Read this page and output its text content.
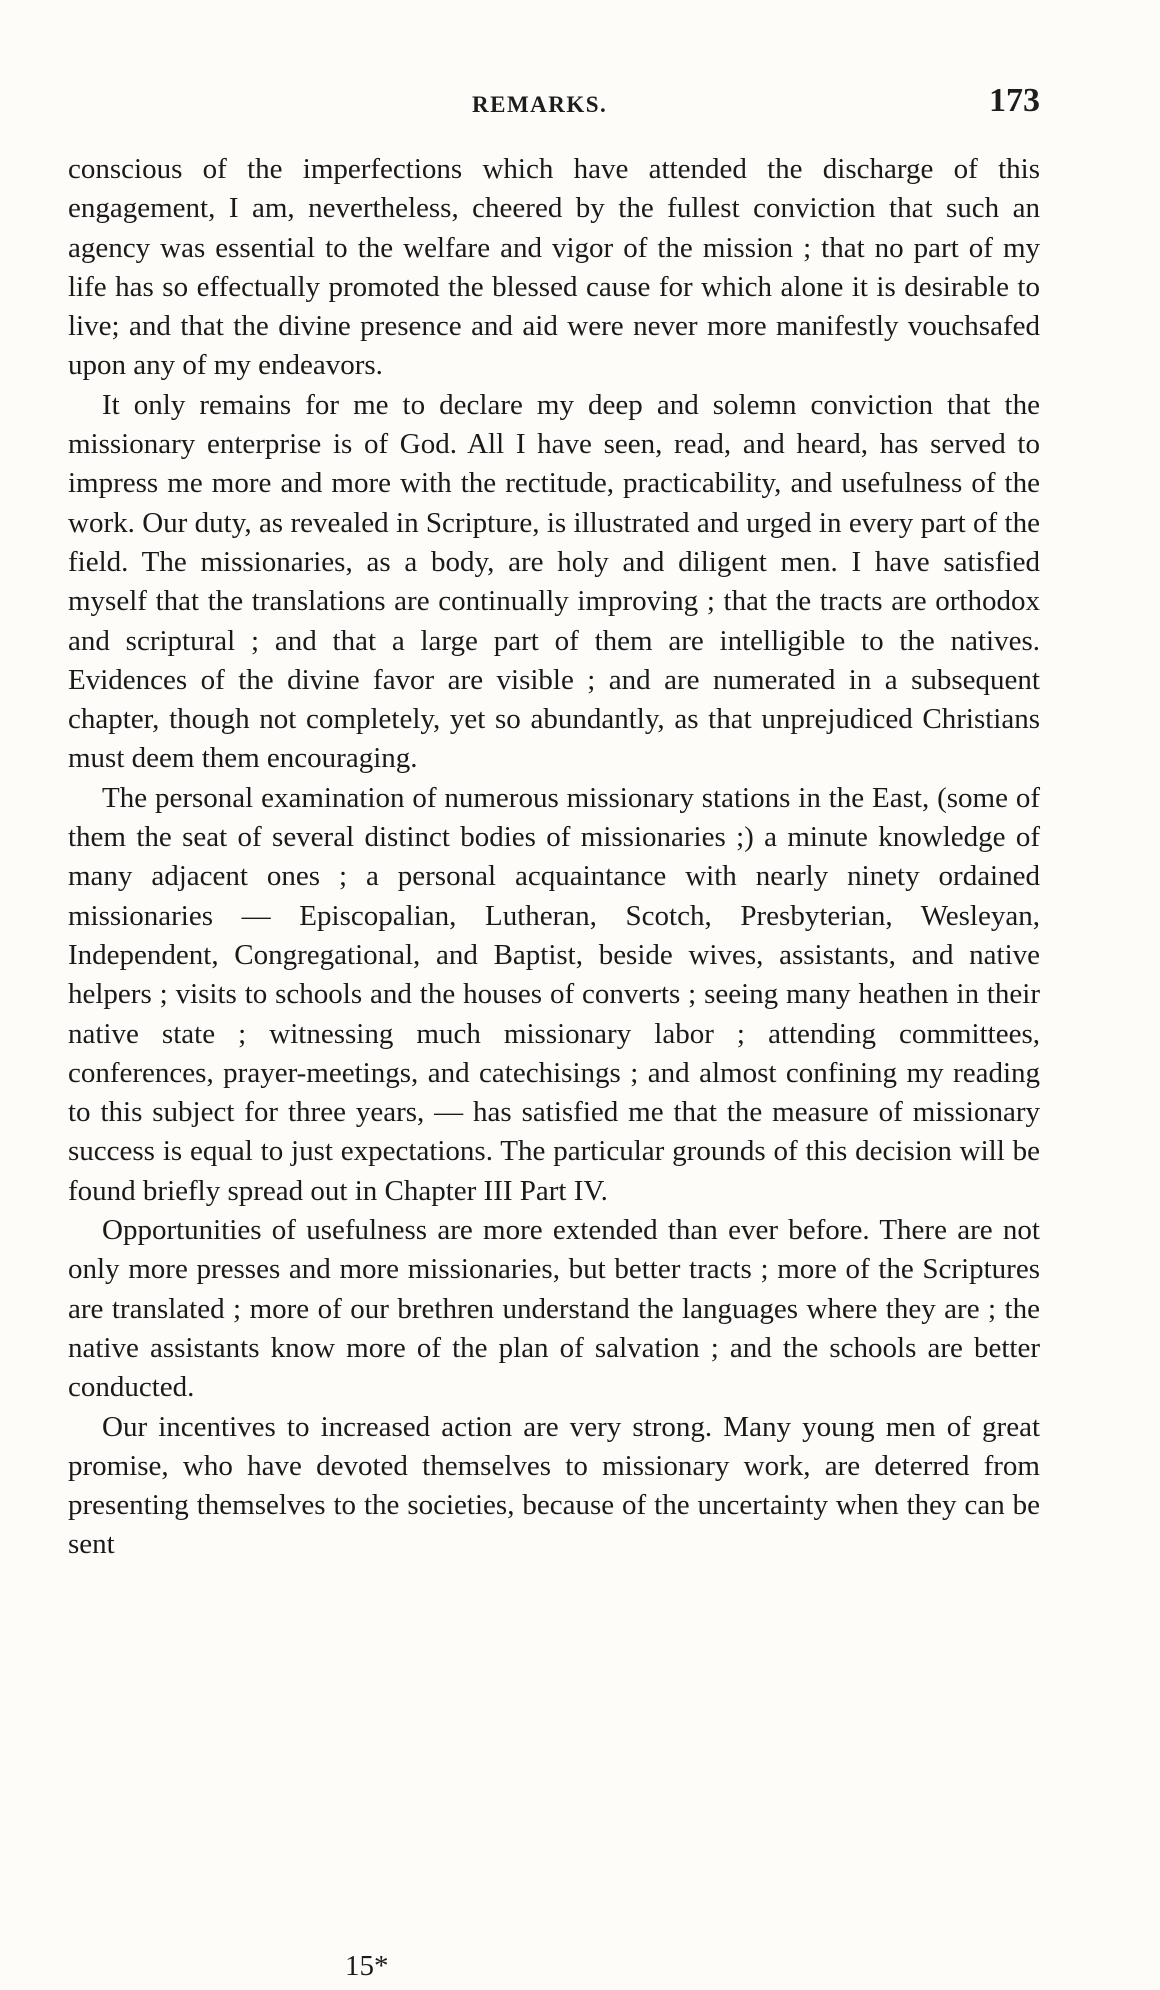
REMARKS.	173

conscious of the imperfections which have attended the discharge of this engagement, I am, nevertheless, cheered by the fullest conviction that such an agency was essential to the welfare and vigor of the mission ; that no part of my life has so effectually promoted the blessed cause for which alone it is desirable to live; and that the divine presence and aid were never more manifestly vouchsafed upon any of my endeavors.

It only remains for me to declare my deep and solemn conviction that the missionary enterprise is of God. All I have seen, read, and heard, has served to impress me more and more with the rectitude, practicability, and usefulness of the work. Our duty, as revealed in Scripture, is illustrated and urged in every part of the field. The missionaries, as a body, are holy and diligent men. I have satisfied myself that the translations are continually improving ; that the tracts are orthodox and scriptural ; and that a large part of them are intelligible to the natives. Evidences of the divine favor are visible ; and are numerated in a subsequent chapter, though not completely, yet so abundantly, as that unprejudiced Christians must deem them encouraging.

The personal examination of numerous missionary stations in the East, (some of them the seat of several distinct bodies of missionaries ;) a minute knowledge of many adjacent ones ; a personal acquaintance with nearly ninety ordained missionaries — Episcopalian, Lutheran, Scotch, Presbyterian, Wesleyan, Independent, Congregational, and Baptist, beside wives, assistants, and native helpers ; visits to schools and the houses of converts ; seeing many heathen in their native state ; witnessing much missionary labor ; attending committees, conferences, prayer-meetings, and catechisings ; and almost confining my reading to this subject for three years, — has satisfied me that the measure of missionary success is equal to just expectations. The particular grounds of this decision will be found briefly spread out in Chapter III Part IV.

Opportunities of usefulness are more extended than ever before. There are not only more presses and more missionaries, but better tracts ; more of the Scriptures are translated ; more of our brethren understand the languages where they are ; the native assistants know more of the plan of salvation ; and the schools are better conducted.

Our incentives to increased action are very strong. Many young men of great promise, who have devoted themselves to missionary work, are deterred from presenting themselves to the societies, because of the uncertainty when they can be sent

15*
